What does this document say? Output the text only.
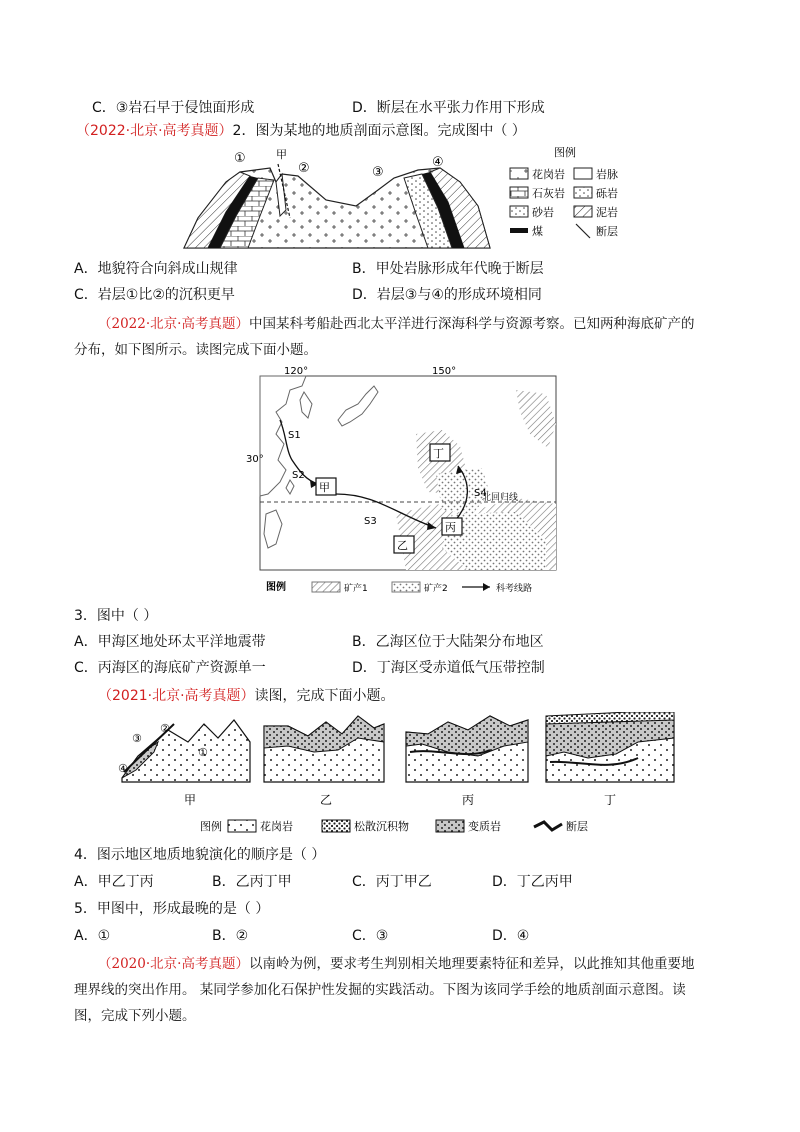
C．③岩石早于侵蚀面形成	D．断层在水平张力作用下形成
（2022·北京·高考真题）2．图为某地的地质剖面示意图。完成图中（ ）
①	甲
②	③
④
图例
花岗岩	岩脉
石灰岩	砾岩
砂岩	泥岩
煤	断层
A．地貌符合向斜成山规律	B．甲处岩脉形成年代晚于断层
C．岩层①比②的沉积更早	D．岩层③与④的形成环境相同
（2022·北京·高考真题）中国某科考船赴西北太平洋进行深海科学与资源考察。已知两种海底矿产的
分布，如下图所示。读图完成下面小题。
北回归线
120°	150°
30°
S1
S2
S3
S4
甲
乙
丙
丁
图例	矿产1	矿产2	科考线路
3．图中（ ）
A．甲海区地处环太平洋地震带	B．乙海区位于大陆架分布地区
C．丙海区的海底矿产资源单一	D．丁海区受赤道低气压带控制
（2021·北京·高考真题）读图，完成下面小题。
②
③
①
④
甲	乙	丙	丁
图例	花岗岩	松散沉积物	变质岩	断层
4．图示地区地质地貌演化的顺序是（ ）
A．甲乙丁丙	B．乙丙丁甲	C．丙丁甲乙	D．丁乙丙甲
5．甲图中，形成最晚的是（ ）
A．①	B．②	C．③	D．④
（2020·北京·高考真题）以南岭为例，要求考生判别相关地理要素特征和差异，以此推知其他重要地
理界线的突出作用。 某同学参加化石保护性发掘的实践活动。下图为该同学手绘的地质剖面示意图。读
图，完成下列小题。
